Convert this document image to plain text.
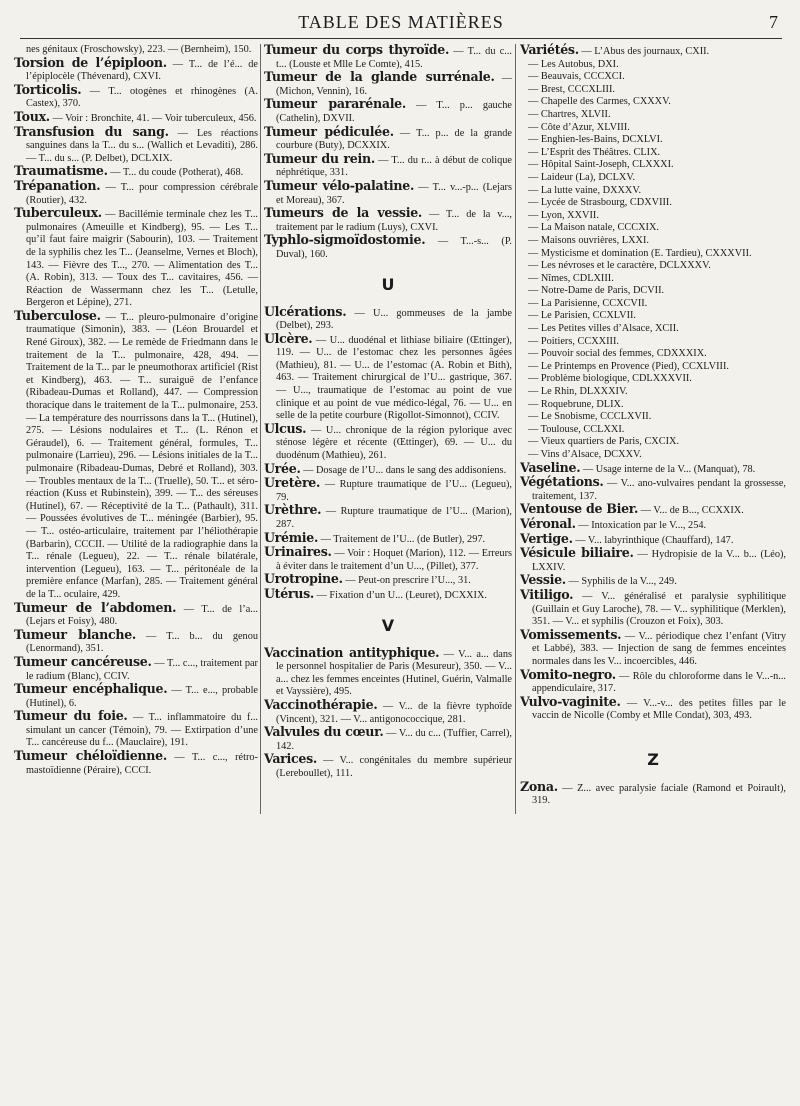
TABLE DES MATIÈRES	7

nes génitaux (Froschowsky), 223. — (Bernheim), 150.

Torsion de l’épiploon. — T... de l’é... de l’épiplocèle (Thévenard), CXVI.

Torticolis. — T... otogènes et rhinogènes (A. Castex), 370.

Toux. — Voir : Bronchite, 41. — Voir tuberculeux, 456.

Transfusion du sang. — Les réactions sanguines dans la T... du s... (Wallich et Levaditi), 286. — T... du s... (P. Delbet), DCLXIX.

Traumatisme. — T... du coude (Potherat), 468.

Trépanation. — T... pour compression cérébrale (Routier), 432.

Tuberculeux. — Bacillémie terminale chez les T... pulmonaires (Ameuille et Kindberg), 95. — Les T... qu’il faut faire maigrir (Sabourin), 103. — Traitement de la syphilis chez les T... (Jeanselme, Vernes et Bloch), 143. — Fièvre des T..., 270. — Alimentation des T... (A. Robin), 313. — Toux des T... cavitaires, 456. — Réaction de Wassermann chez les T... (Letulle, Bergeron et Lépine), 271.

Tuberculose. — T... pleuro-pulmonaire d’origine traumatique (Simonin), 383. — (Léon Brouardel et René Giroux), 382. — Le remède de Friedmann dans le traitement de la T... pulmonaire, 428, 494. — Traitement de la T... par le pneumothorax artificiel (Rist et Kindberg), 463. — T... suraiguë de l’enfance (Ribadeau-Dumas et Rolland), 447. — Compression thoracique dans le traitement de la T... pulmonaire, 253. — La température des nourrissons dans la T... (Hutinel), 275. — Lésions nodulaires et T... (L. Rénon et Géraudel), 6. — Traitement général, formules, T... pulmonaire (Larrieu), 296. — Lésions initiales de la T... pulmonaire (Ribadeau-Dumas, Debré et Rolland), 303. — Troubles mentaux de la T... (Truelle), 50. T... et séro-réaction (Kuss et Rubinstein), 399. — T... des séreuses (Hutinel), 67. — Réceptivité de la T... (Pathault), 311. — Poussées évolutives de T... méningée (Barbier), 95. — T... ostéo-articulaire, traitement par l’héliothérapie (Barbarin), CCCII. — Utilité de la radiographie dans la T... rénale (Legueu), 22. — T... rénale bilatérale, intervention (Legueu), 163. — T... péritonéale de la première enfance (Marfan), 285. — Traitement général de la T... oculaire, 429.

Tumeur de l’abdomen. — T... de l’a... (Lejars et Foisy), 480.

Tumeur blanche. — T... b... du genou (Lenormand), 351.

Tumeur cancéreuse. — T... c..., traitement par le radium (Blanc), CCIV.

Tumeur encéphalique. — T... e..., probable (Hutinel), 6.

Tumeur du foie. — T... inflammatoire du f... simulant un cancer (Témoin), 79. — Extirpation d’une T... cancéreuse du f... (Mauclaire), 191.

Tumeur chéloïdienne. — T... c..., rétro-mastoïdienne (Péraire), CCCI.

Tumeur du corps thyroïde. — T... du c... t... (Louste et Mlle Le Comte), 415.

Tumeur de la glande surrénale. — (Michon, Vennin), 16.

Tumeur pararénale. — T... p... gauche (Cathelin), DXVII.

Tumeur pédiculée. — T... p... de la grande courbure (Buty), DCXXIX.

Tumeur du rein. — T... du r... à début de colique néphrétique, 331.

Tumeur vélo-palatine. — T... v...-p... (Lejars et Moreau), 367.

Tumeurs de la vessie. — T... de la v..., traitement par le radium (Luys), CXVI.

Typhlo-sigmoïdostomie. — T...-s... (P. Duval), 160.

U

Ulcérations. — U... gommeuses de la jambe (Delbet), 293.

Ulcère. — U... duodénal et lithiase biliaire (Œttinger), 119. — U... de l’estomac chez les personnes âgées (Mathieu), 81. — U... de l’estomac (A. Robin et Bith), 463. — Traitement chirurgical de l’U... gastrique, 367. — U..., traumatique de l’estomac au point de vue clinique et au point de vue médico-légal, 76. — U... en selle de la petite courbure (Rigollot-Simonnot), CCIV.

Ulcus. — U... chronique de la région pylorique avec sténose légère et récente (Œttinger), 69. — U... du duodénum (Mathieu), 261.

Urée. — Dosage de l’U... dans le sang des addisoniens.

Uretère. — Rupture traumatique de l’U... (Legueu), 79.

Urèthre. — Rupture traumatique de l’U... (Marion), 287.

Urémie. — Traitement de l’U... (de Butler), 297.

Urinaires. — Voir : Hoquet (Marion), 112. — Erreurs à éviter dans le traitement d’un U..., (Pillet), 377.

Urotropine. — Peut-on prescrire l’U..., 31.

Utérus. — Fixation d’un U... (Leuret), DCXXIX.

V

Vaccination antityphique. — V... a... dans le personnel hospitalier de Paris (Mesureur), 350. — V... a... chez les femmes enceintes (Hutinel, Guérin, Valmalle et Vayssière), 495.

Vaccinothérapie. — V... de la fièvre typhoïde (Vincent), 321. — V... antigonococcique, 281.

Valvules du cœur. — V... du c... (Tuffier, Carrel), 142.

Varices. — V... congénitales du membre supérieur (Lereboullet), 111.

Variétés. — L’Abus des journaux, CXII.

— Les Autobus, DXI.

— Beauvais, CCCXCI.

— Brest, CCCXLIII.

— Chapelle des Carmes, CXXXV.

— Chartres, XLVII.

— Côte d’Azur, XLVIII.

— Enghien-les-Bains, DCXLVI.

— L’Esprit des Théâtres. CLIX.

— Hôpital Saint-Joseph, CLXXXI.

— Laideur (La), DCLXV.

— La lutte vaine, DXXXV.

— Lycée de Strasbourg, CDXVIII.

— Lyon, XXVII.

— La Maison natale, CCCXIX.

— Maisons ouvrières, LXXI.

— Mysticisme et domination (E. Tardieu), CXXXVII.

— Les névroses et le caractère, DCLXXXV.

— Nîmes, CDLXIII.

— Notre-Dame de Paris, DCVII.

— La Parisienne, CCXCVII.

— Le Parisien, CCXLVII.

— Les Petites villes d’Alsace, XCII.

— Poitiers, CCXXIII.

— Pouvoir social des femmes, CDXXXIX.

— Le Printemps en Provence (Pied), CCXLVIII.

— Problème biologique, CDLXXXVII.

— Le Rhin, DLXXXIV.

— Roquebrune, DLIX.

— Le Snobisme, CCCLXVII.

— Toulouse, CCLXXI.

— Vieux quartiers de Paris, CXCIX.

— Vins d’Alsace, DCXXV.

Vaseline. — Usage interne de la V... (Manquat), 78.

Végétations. — V... ano-vulvaires pendant la grossesse, traitement, 137.

Ventouse de Bier. — V... de B..., CCXXIX.

Véronal. — Intoxication par le V..., 254.

Vertige. — V... labyrinthique (Chauffard), 147.

Vésicule biliaire. — Hydropisie de la V... b... (Léo), LXXIV.

Vessie. — Syphilis de la V..., 249.

Vitiligo. — V... généralisé et paralysie syphilitique (Guillain et Guy Laroche), 78. — V... syphilitique (Merklen), 351. — V... et syphilis (Crouzon et Foix), 303.

Vomissements. — V... périodique chez l’enfant (Vitry et Labbé), 383. — Injection de sang de femmes enceintes normales dans les V... incoercibles, 446.

Vomito-negro. — Rôle du chloroforme dans le V...-n... appendiculaire, 317.

Vulvo-vaginite. — V...-v... des petites filles par le vaccin de Nicolle (Comby et Mlle Condat), 303, 493.

Z

Zona. — Z... avec paralysie faciale (Ramond et Poirault), 319.
